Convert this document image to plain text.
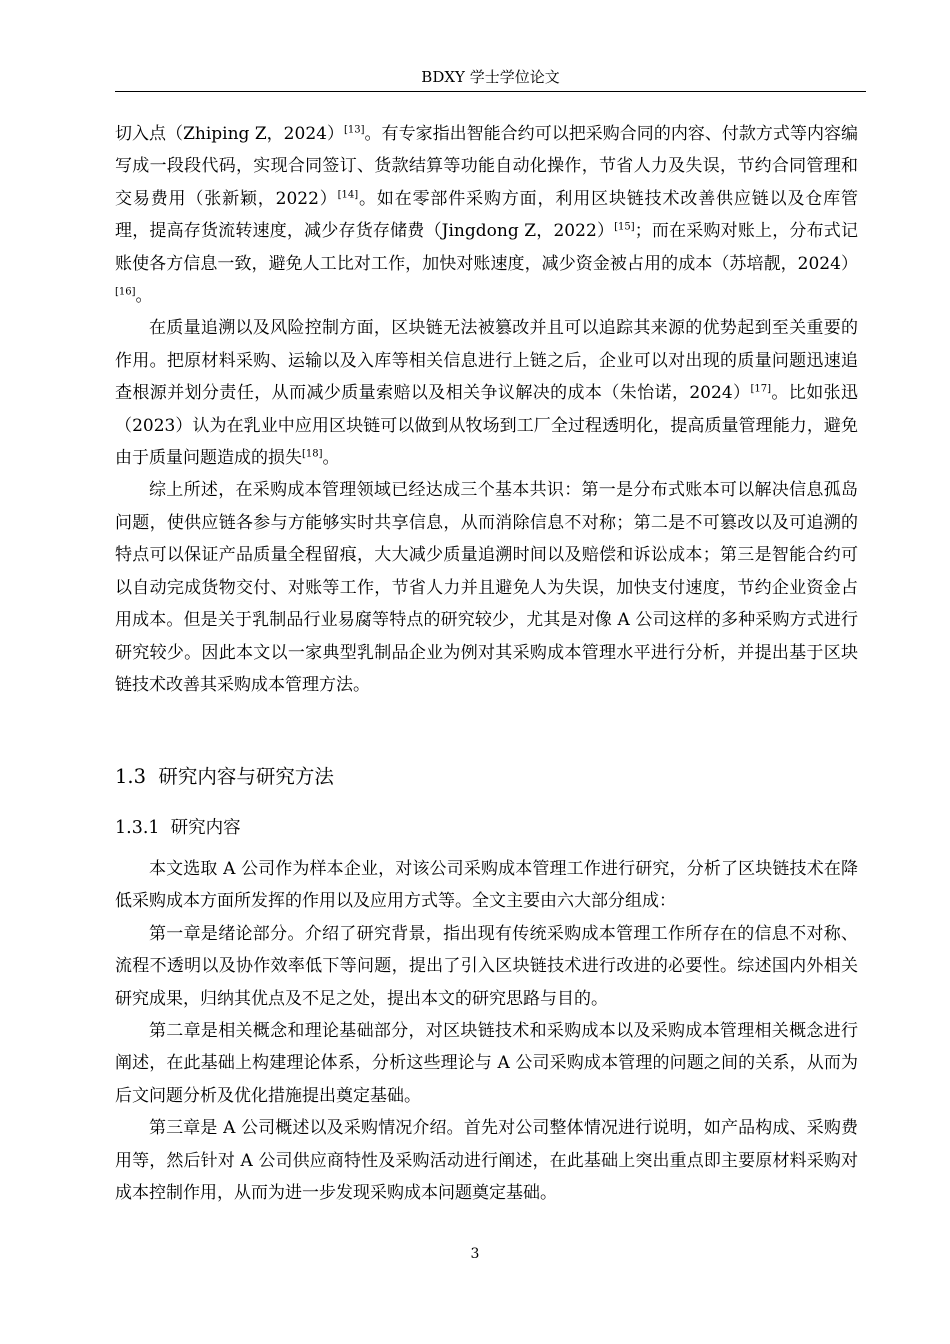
BDXY 学士学位论文

切入点（Zhiping Z，2024）[13]。有专家指出智能合约可以把采购合同的内容、付款方式等内容编写成一段段代码，实现合同签订、货款结算等功能自动化操作，节省人力及失误，节约合同管理和交易费用（张新颖，2022）[14]。如在零部件采购方面，利用区块链技术改善供应链以及仓库管理，提高存货流转速度，减少存货存储费（Jingdong Z，2022）[15]；而在采购对账上，分布式记账使各方信息一致，避免人工比对工作，加快对账速度，减少资金被占用的成本（苏培靓，2024）[16]。

在质量追溯以及风险控制方面，区块链无法被篡改并且可以追踪其来源的优势起到至关重要的作用。把原材料采购、运输以及入库等相关信息进行上链之后，企业可以对出现的质量问题迅速追查根源并划分责任，从而减少质量索赔以及相关争议解决的成本（朱怡诺，2024）[17]。比如张迅（2023）认为在乳业中应用区块链可以做到从牧场到工厂全过程透明化，提高质量管理能力，避免由于质量问题造成的损失[18]。

综上所述，在采购成本管理领域已经达成三个基本共识：第一是分布式账本可以解决信息孤岛问题，使供应链各参与方能够实时共享信息，从而消除信息不对称；第二是不可篡改以及可追溯的特点可以保证产品质量全程留痕，大大减少质量追溯时间以及赔偿和诉讼成本；第三是智能合约可以自动完成货物交付、对账等工作，节省人力并且避免人为失误，加快支付速度，节约企业资金占用成本。但是关于乳制品行业易腐等特点的研究较少，尤其是对像 A 公司这样的多种采购方式进行研究较少。因此本文以一家典型乳制品企业为例对其采购成本管理水平进行分析，并提出基于区块链技术改善其采购成本管理方法。

1.3 研究内容与研究方法
1.3.1 研究内容

本文选取 A 公司作为样本企业，对该公司采购成本管理工作进行研究，分析了区块链技术在降低采购成本方面所发挥的作用以及应用方式等。全文主要由六大部分组成：

第一章是绪论部分。介绍了研究背景，指出现有传统采购成本管理工作所存在的信息不对称、流程不透明以及协作效率低下等问题，提出了引入区块链技术进行改进的必要性。综述国内外相关研究成果，归纳其优点及不足之处，提出本文的研究思路与目的。

第二章是相关概念和理论基础部分，对区块链技术和采购成本以及采购成本管理相关概念进行阐述，在此基础上构建理论体系，分析这些理论与 A 公司采购成本管理的问题之间的关系，从而为后文问题分析及优化措施提出奠定基础。

第三章是 A 公司概述以及采购情况介绍。首先对公司整体情况进行说明，如产品构成、采购费用等，然后针对 A 公司供应商特性及采购活动进行阐述，在此基础上突出重点即主要原材料采购对成本控制作用，从而为进一步发现采购成本问题奠定基础。

3
